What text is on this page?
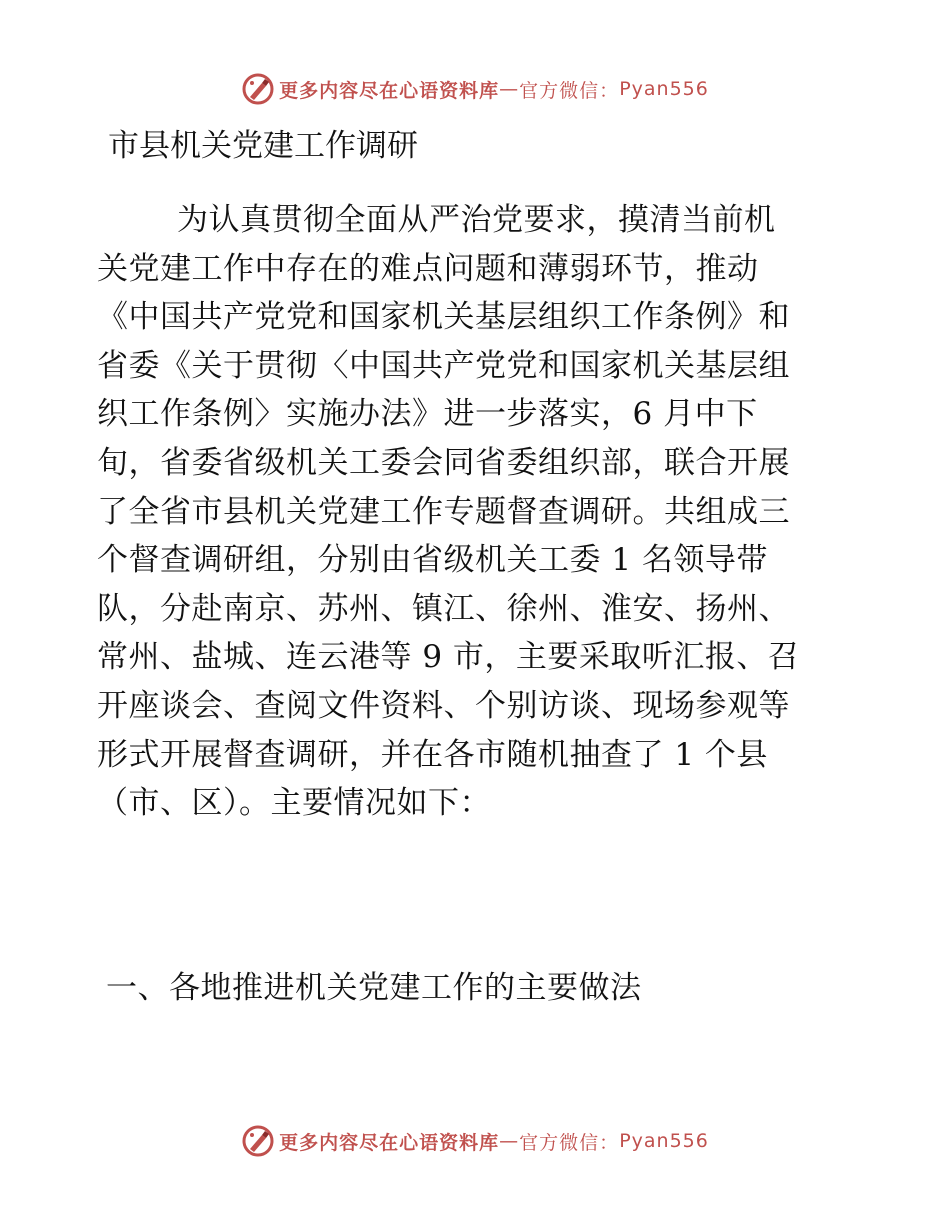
更多内容尽在心语资料库 — 官方微信： Pyan556
市县机关党建工作调研
为认真贯彻全面从严治党要求，摸清当前机
关党建工作中存在的难点问题和薄弱环节，推动
《中国共产党党和国家机关基层组织工作条例》和
省委《关于贯彻〈中国共产党党和国家机关基层组
织工作条例〉实施办法》进一步落实，6 月中下
旬，省委省级机关工委会同省委组织部，联合开展
了全省市县机关党建工作专题督查调研。共组成三
个督查调研组，分别由省级机关工委 1 名领导带
队，分赴南京、苏州、镇江、徐州、淮安、扬州、
常州、盐城、连云港等 9 市，主要采取听汇报、召
开座谈会、查阅文件资料、个别访谈、现场参观等
形式开展督查调研，并在各市随机抽查了 1 个县
（市、区）。主要情况如下：
一、各地推进机关党建工作的主要做法
更多内容尽在心语资料库 — 官方微信： Pyan556
